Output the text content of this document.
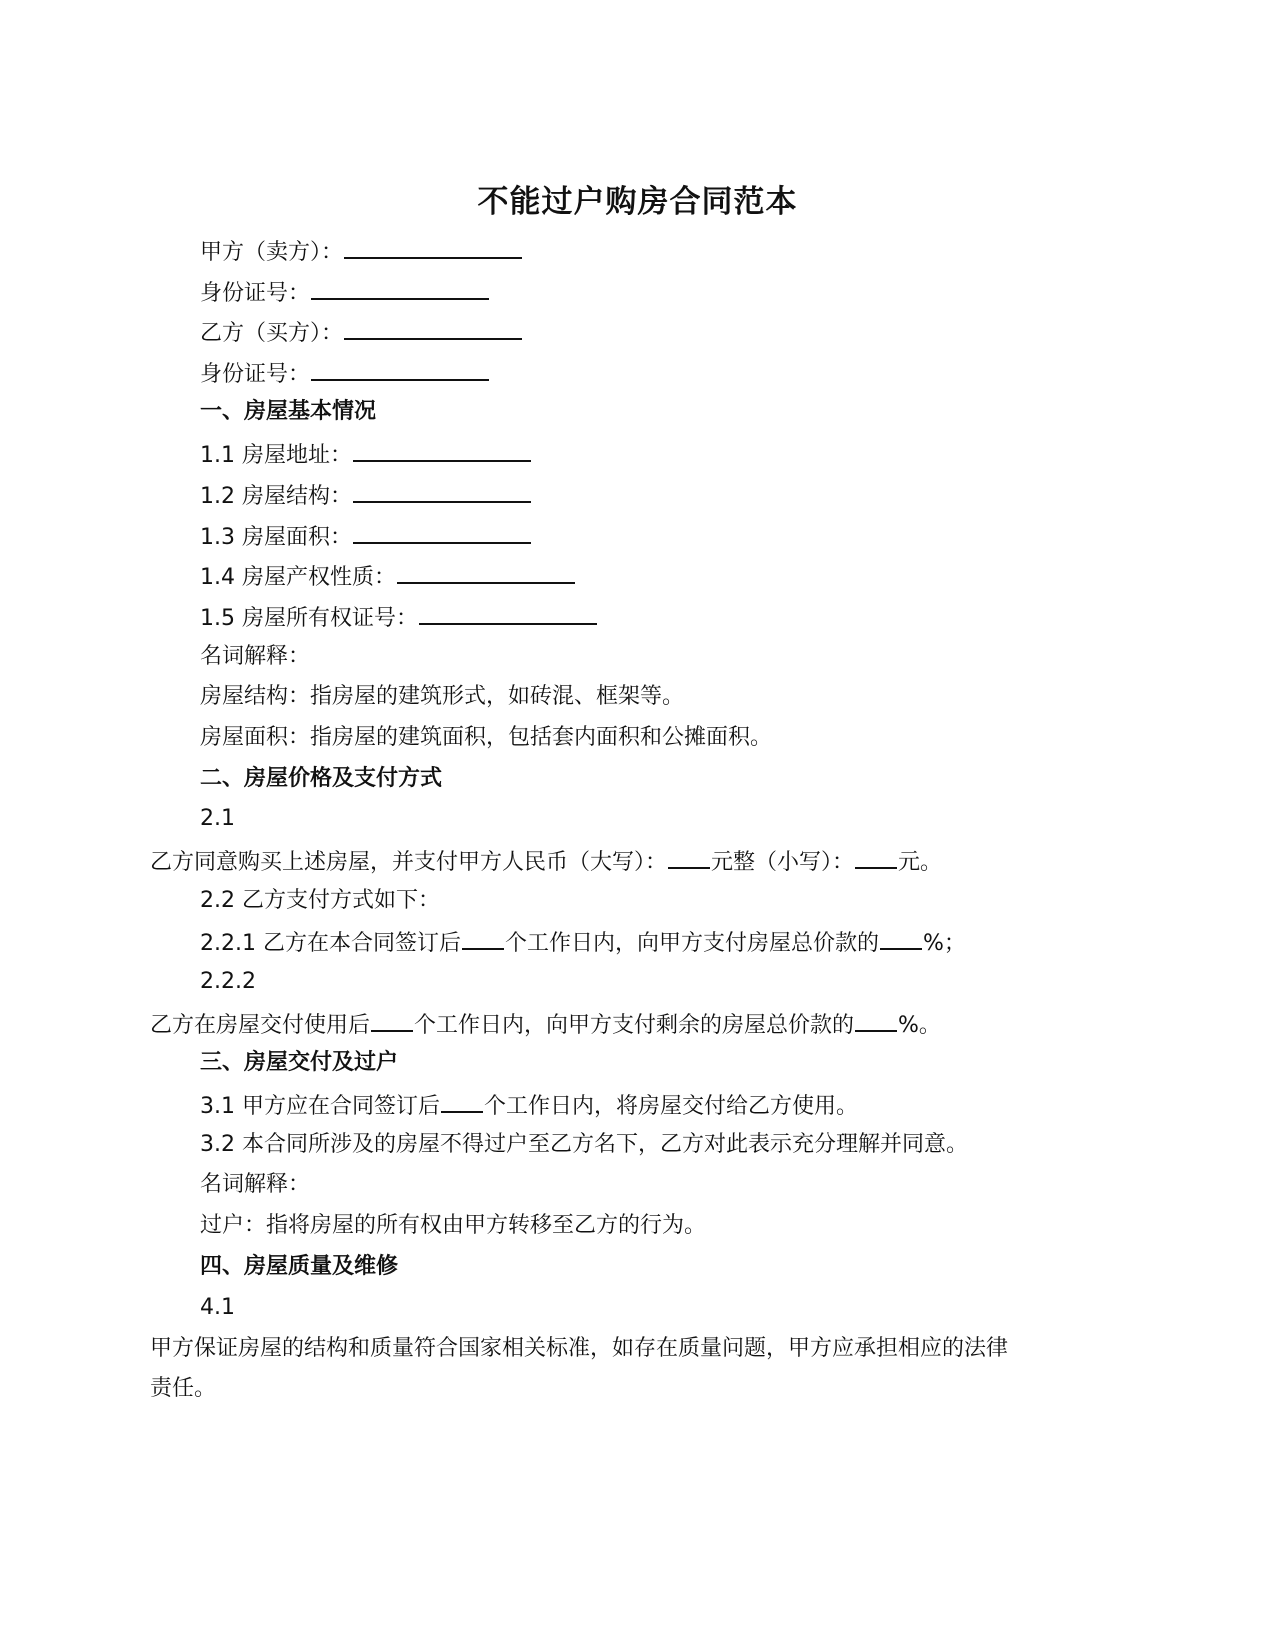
不能过户购房合同范本
甲方（卖方）：
身份证号：
乙方（买方）：
身份证号：
一、房屋基本情况
1.1 房屋地址：
1.2 房屋结构：
1.3 房屋面积：
1.4 房屋产权性质：
1.5 房屋所有权证号：
名词解释：
房屋结构：指房屋的建筑形式，如砖混、框架等。
房屋面积：指房屋的建筑面积，包括套内面积和公摊面积。
二、房屋价格及支付方式
2.1
乙方同意购买上述房屋，并支付甲方人民币（大写）： 元整（小写）： 元。
2.2 乙方支付方式如下：
2.2.1 乙方在本合同签订后 个工作日内，向甲方支付房屋总价款的 %；
2.2.2
乙方在房屋交付使用后 个工作日内，向甲方支付剩余的房屋总价款的 %。
三、房屋交付及过户
3.1 甲方应在合同签订后 个工作日内，将房屋交付给乙方使用。
3.2 本合同所涉及的房屋不得过户至乙方名下，乙方对此表示充分理解并同意。
名词解释：
过户：指将房屋的所有权由甲方转移至乙方的行为。
四、房屋质量及维修
4.1
甲方保证房屋的结构和质量符合国家相关标准，如存在质量问题，甲方应承担相应的法律
责任。
